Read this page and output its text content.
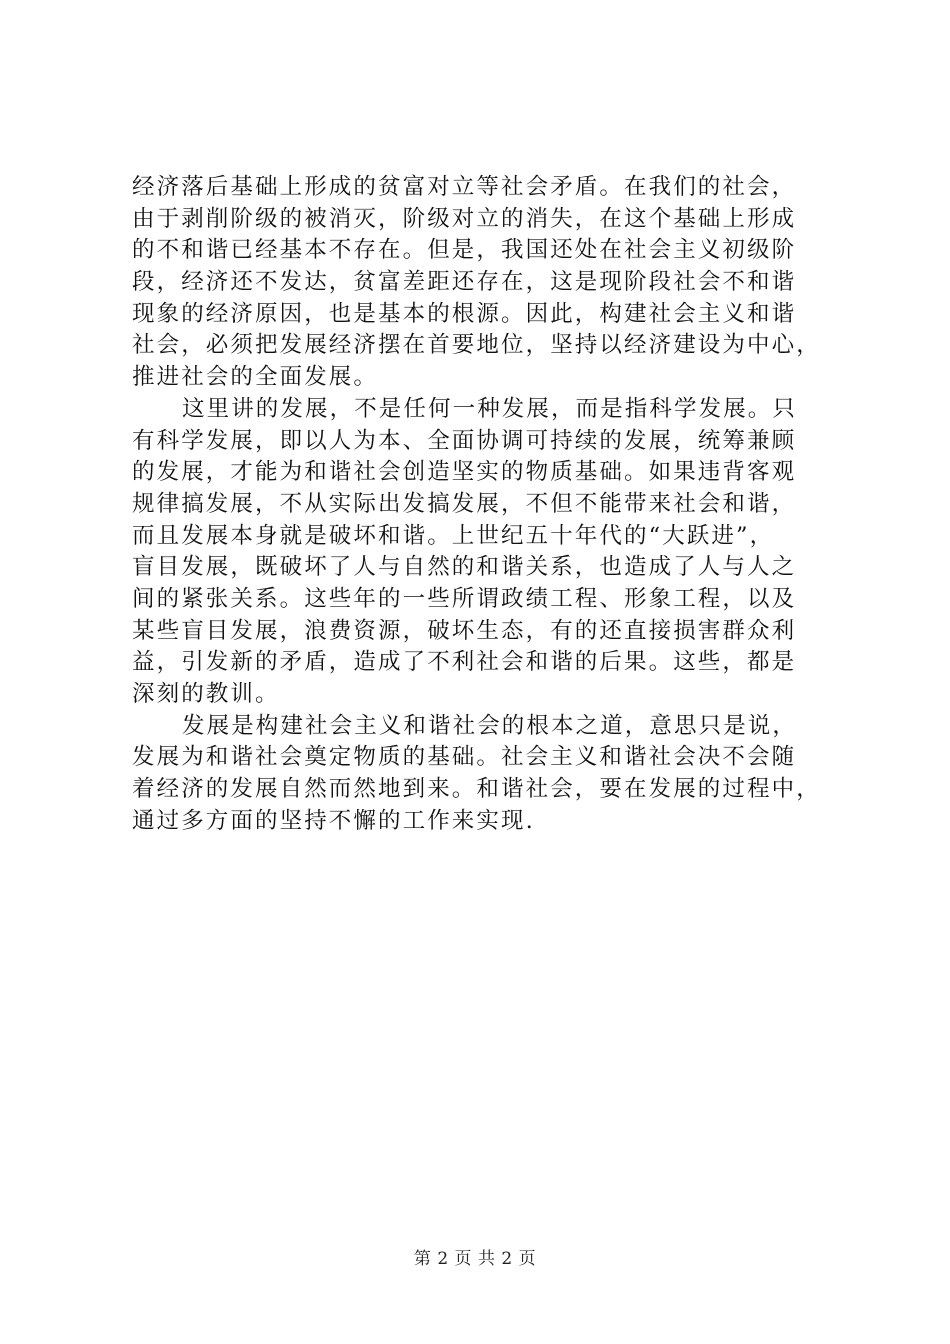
经济落后基础上形成的贫富对立等社会矛盾。在我们的社会，
由于剥削阶级的被消灭，阶级对立的消失，在这个基础上形成
的不和谐已经基本不存在。但是，我国还处在社会主义初级阶
段，经济还不发达，贫富差距还存在，这是现阶段社会不和谐
现象的经济原因，也是基本的根源。因此，构建社会主义和谐
社会，必须把发展经济摆在首要地位，坚持以经济建设为中心，
推进社会的全面发展。
这里讲的发展，不是任何一种发展，而是指科学发展。只
有科学发展，即以人为本、全面协调可持续的发展，统筹兼顾
的发展，才能为和谐社会创造坚实的物质基础。如果违背客观
规律搞发展，不从实际出发搞发展，不但不能带来社会和谐，
而且发展本身就是破坏和谐。上世纪五十年代的“大跃进”，
盲目发展，既破坏了人与自然的和谐关系，也造成了人与人之
间的紧张关系。这些年的一些所谓政绩工程、形象工程，以及
某些盲目发展，浪费资源，破坏生态，有的还直接损害群众利
益，引发新的矛盾，造成了不利社会和谐的后果。这些，都是
深刻的教训。
发展是构建社会主义和谐社会的根本之道，意思只是说，
发展为和谐社会奠定物质的基础。社会主义和谐社会决不会随
着经济的发展自然而然地到来。和谐社会，要在发展的过程中，
通过多方面的坚持不懈的工作来实现.
第 2 页 共 2 页
